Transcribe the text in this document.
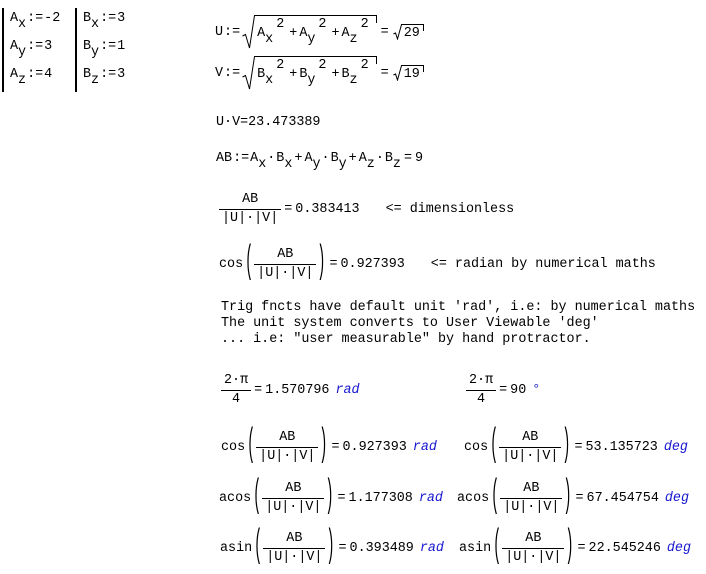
Ax:=-2
Ay:=3
Az:=4
Bx:=3
By:=1
Bz:=3
U := Ax2+ Ay2+ Az2 = 29
V := Bx2+ By2+ Bz2 = 19
U·V=23.473389
AB := Ax·Bx + Ay·By + Az·Bz = 9
$\frac{AB}{|U|\cdot|V|} = 0.383413$ <= dimensionless
cos ( $\frac{AB}{|U|\cdot|V|}$ ) = 0.927393 <= radian by numerical maths
Trig fncts have default unit 'rad', i.e: by numerical maths
The unit system converts to User Viewable 'deg'
... i.e: "user measurable" by hand protractor.
$\frac{2\cdot\pi}{4} = 1.570796$ rad	$\frac{2\cdot\pi}{4} = 90$ °
cos ( $\frac{AB}{|U|\cdot|V|}$ ) = 0.927393 rad cos ( $\frac{AB}{|U|\cdot|V|}$ ) = 53.135723 deg
acos ( $\frac{AB}{|U|\cdot|V|}$ ) = 1.177308 rad acos ( $\frac{AB}{|U|\cdot|V|}$ ) = 67.454754 deg
asin ( $\frac{AB}{|U|\cdot|V|}$ ) = 0.393489 rad asin ( $\frac{AB}{|U|\cdot|V|}$ ) = 22.545246 deg
